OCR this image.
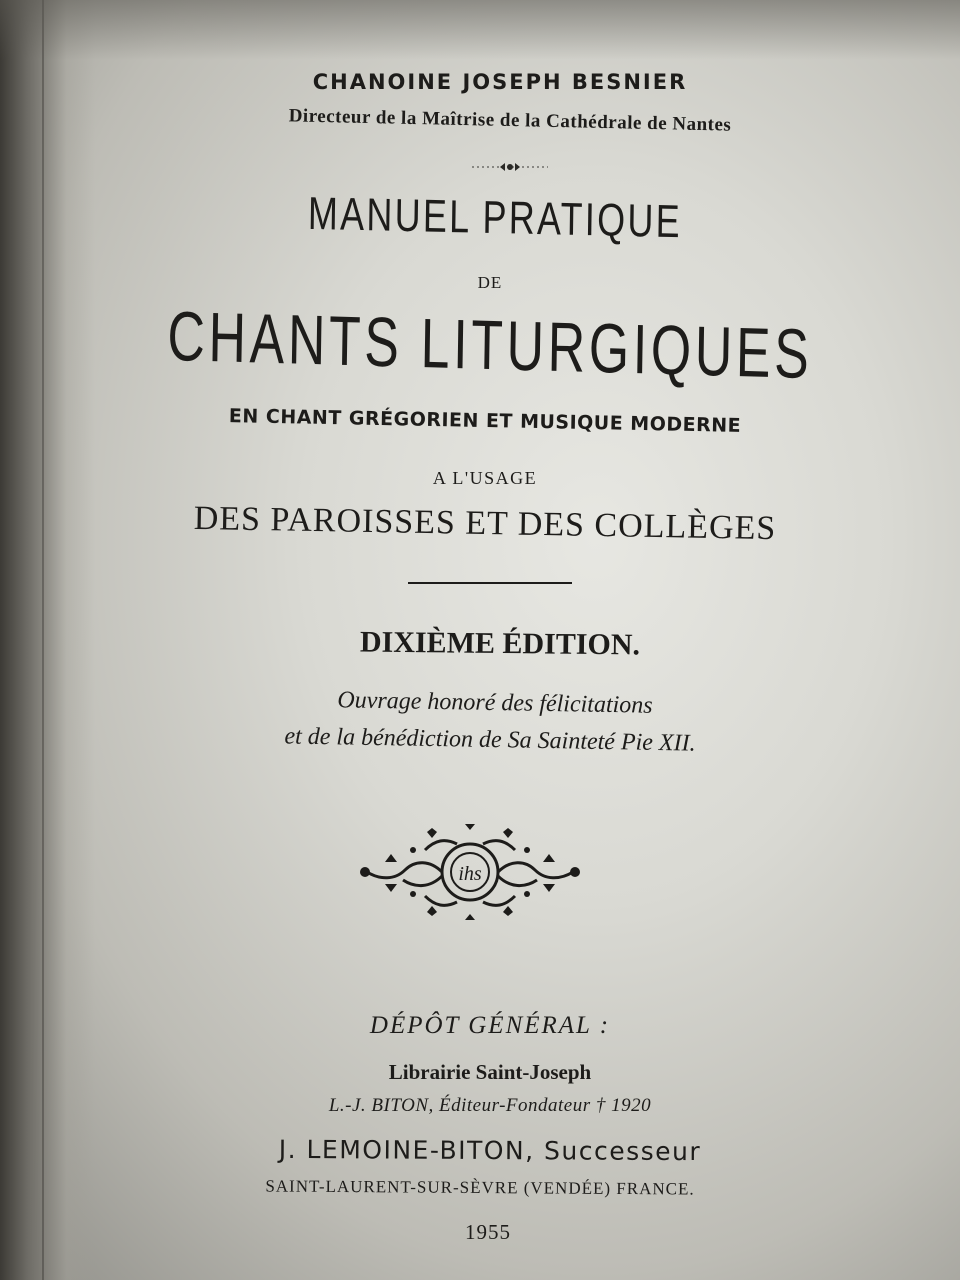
CHANOINE JOSEPH BESNIER
Directeur de la Maîtrise de la Cathédrale de Nantes
MANUEL PRATIQUE
DE
CHANTS LITURGIQUES
EN CHANT GRÉGORIEN ET MUSIQUE MODERNE
A L'USAGE
DES PAROISSES ET DES COLLÈGES
DIXIÈME ÉDITION.
Ouvrage honoré des félicitations
et de la bénédiction de Sa Sainteté Pie XII.
ihs
DÉPÔT GÉNÉRAL :
Librairie Saint-Joseph
L.-J. BITON, Éditeur-Fondateur † 1920
J. LEMOINE-BITON, Successeur
SAINT-LAURENT-SUR-SÈVRE (VENDÉE) FRANCE.
1955
